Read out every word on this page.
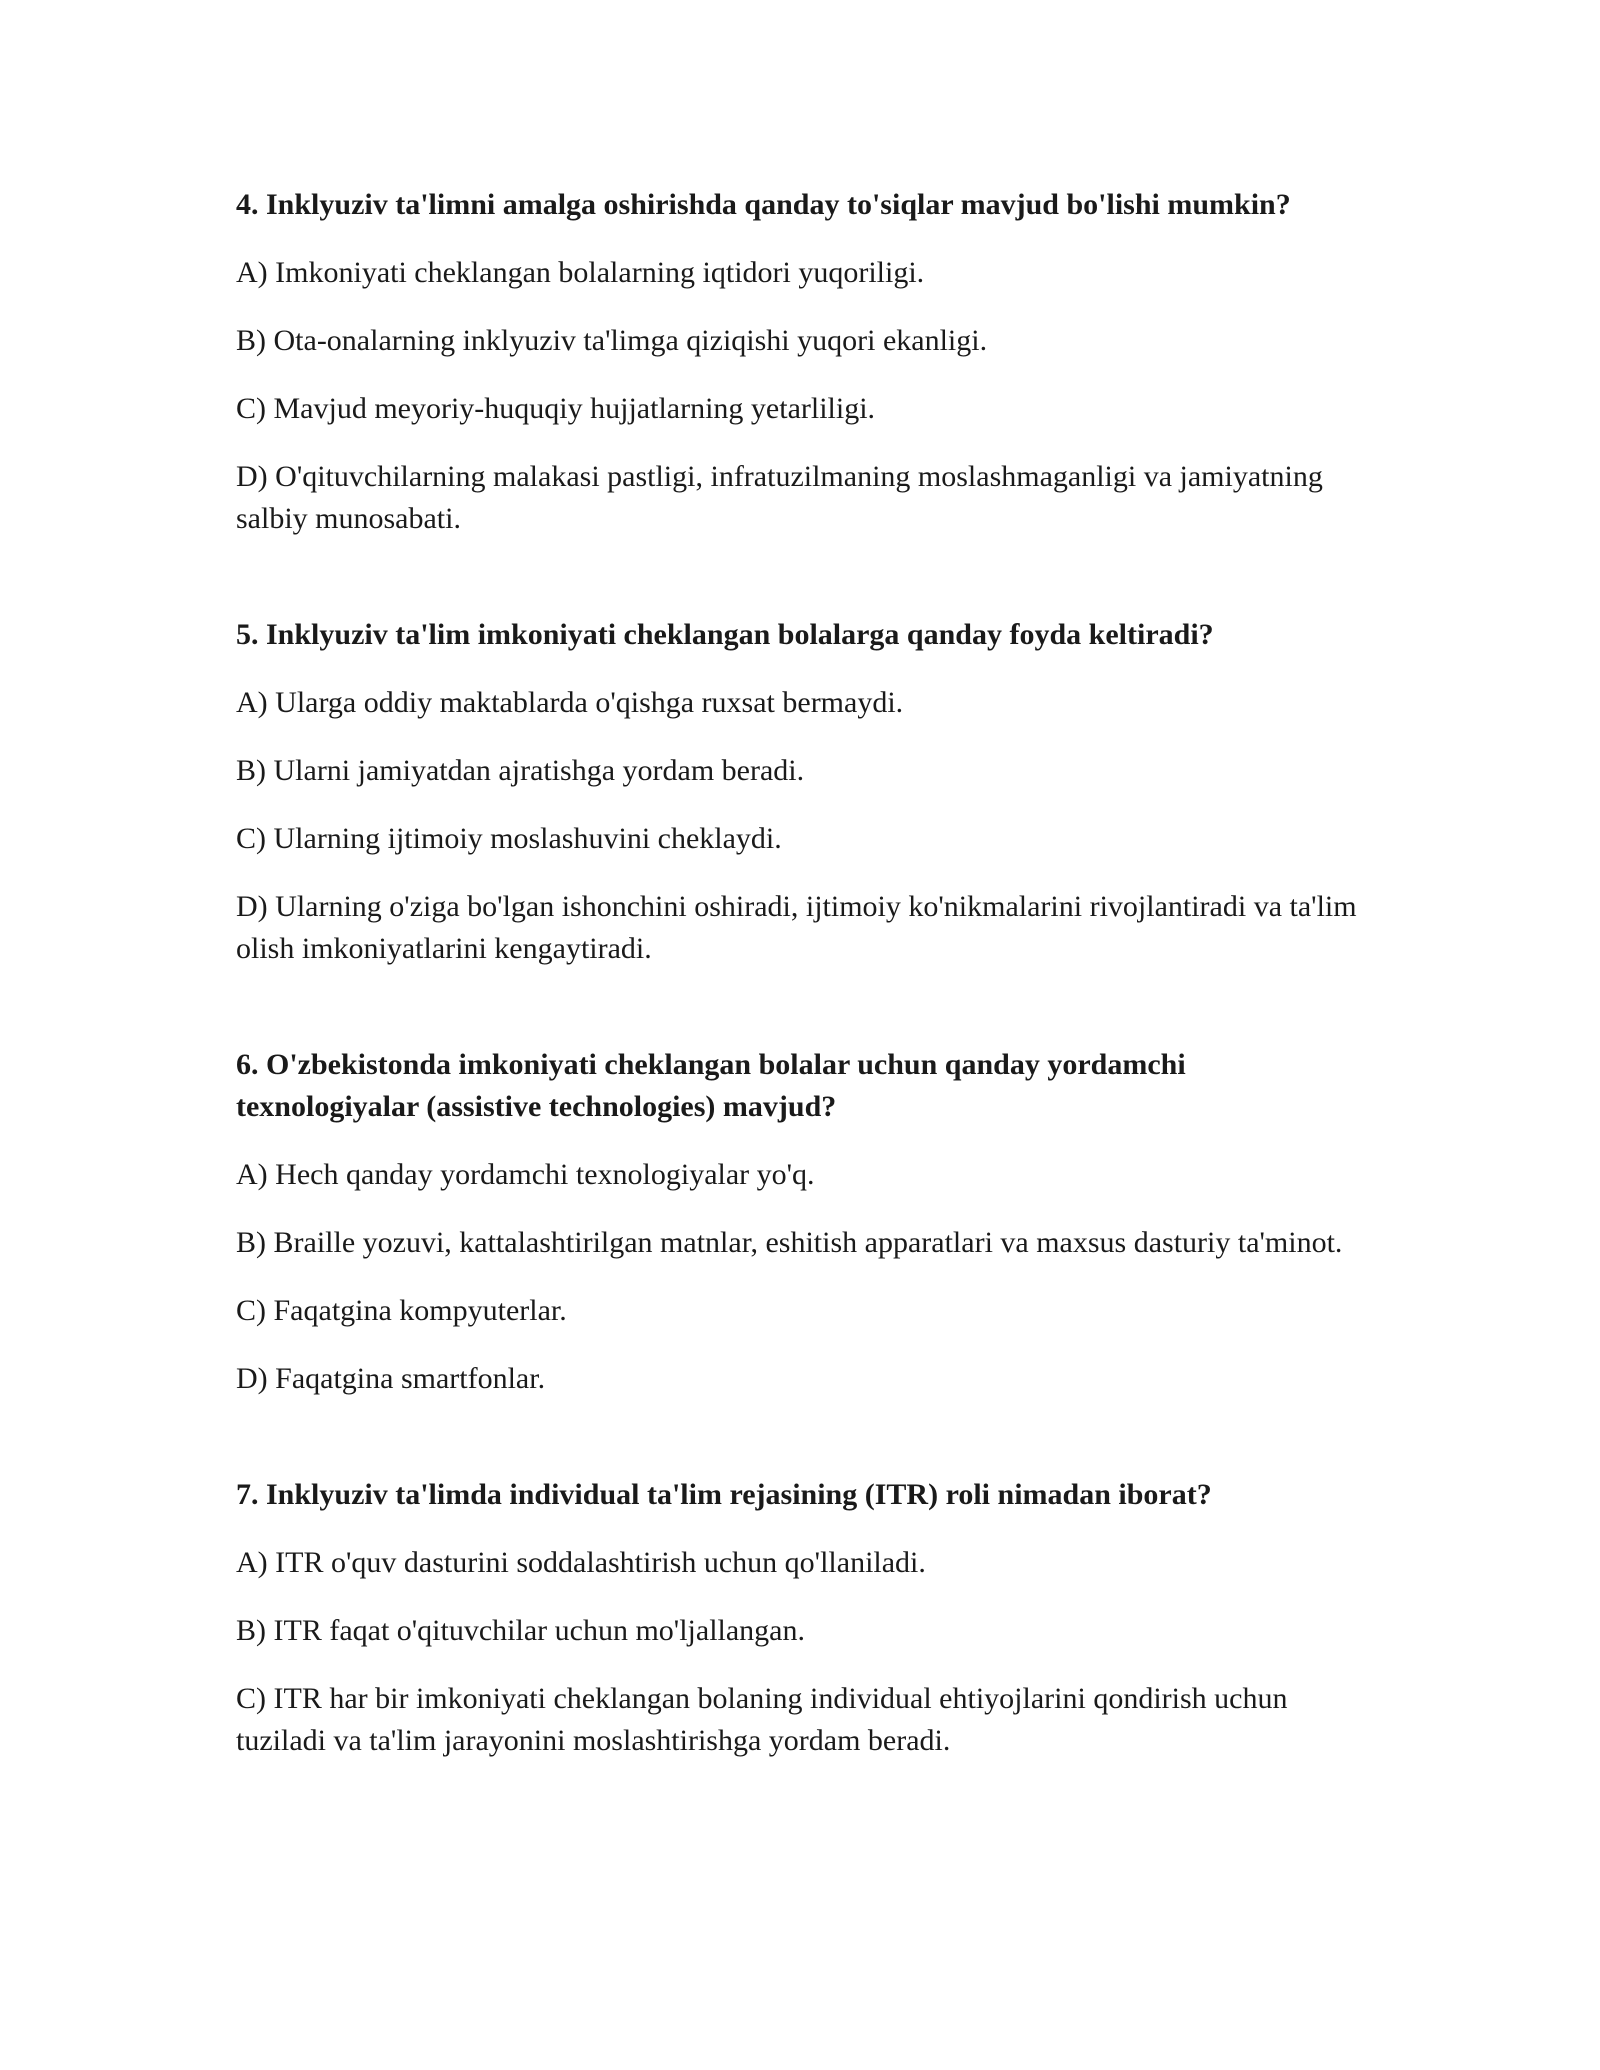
4. Inklyuziv ta'limni amalga oshirishda qanday to'siqlar mavjud bo'lishi mumkin?

A) Imkoniyati cheklangan bolalarning iqtidori yuqoriligi.

B) Ota-onalarning inklyuziv ta'limga qiziqishi yuqori ekanligi.

C) Mavjud meyoriy-huquqiy hujjatlarning yetarliligi.

D) O'qituvchilarning malakasi pastligi, infratuzilmaning moslashmaganligi va jamiyatning salbiy munosabati.

5. Inklyuziv ta'lim imkoniyati cheklangan bolalarga qanday foyda keltiradi?

A) Ularga oddiy maktablarda o'qishga ruxsat bermaydi.

B) Ularni jamiyatdan ajratishga yordam beradi.

C) Ularning ijtimoiy moslashuvini cheklaydi.

D) Ularning o'ziga bo'lgan ishonchini oshiradi, ijtimoiy ko'nikmalarini rivojlantiradi va ta'lim olish imkoniyatlarini kengaytiradi.

6. O'zbekistonda imkoniyati cheklangan bolalar uchun qanday yordamchi texnologiyalar (assistive technologies) mavjud?

A) Hech qanday yordamchi texnologiyalar yo'q.

B) Braille yozuvi, kattalashtirilgan matnlar, eshitish apparatlari va maxsus dasturiy ta'minot.

C) Faqatgina kompyuterlar.

D) Faqatgina smartfonlar.

7. Inklyuziv ta'limda individual ta'lim rejasining (ITR) roli nimadan iborat?

A) ITR o'quv dasturini soddalashtirish uchun qo'llaniladi.

B) ITR faqat o'qituvchilar uchun mo'ljallangan.

C) ITR har bir imkoniyati cheklangan bolaning individual ehtiyojlarini qondirish uchun tuziladi va ta'lim jarayonini moslashtirishga yordam beradi.
